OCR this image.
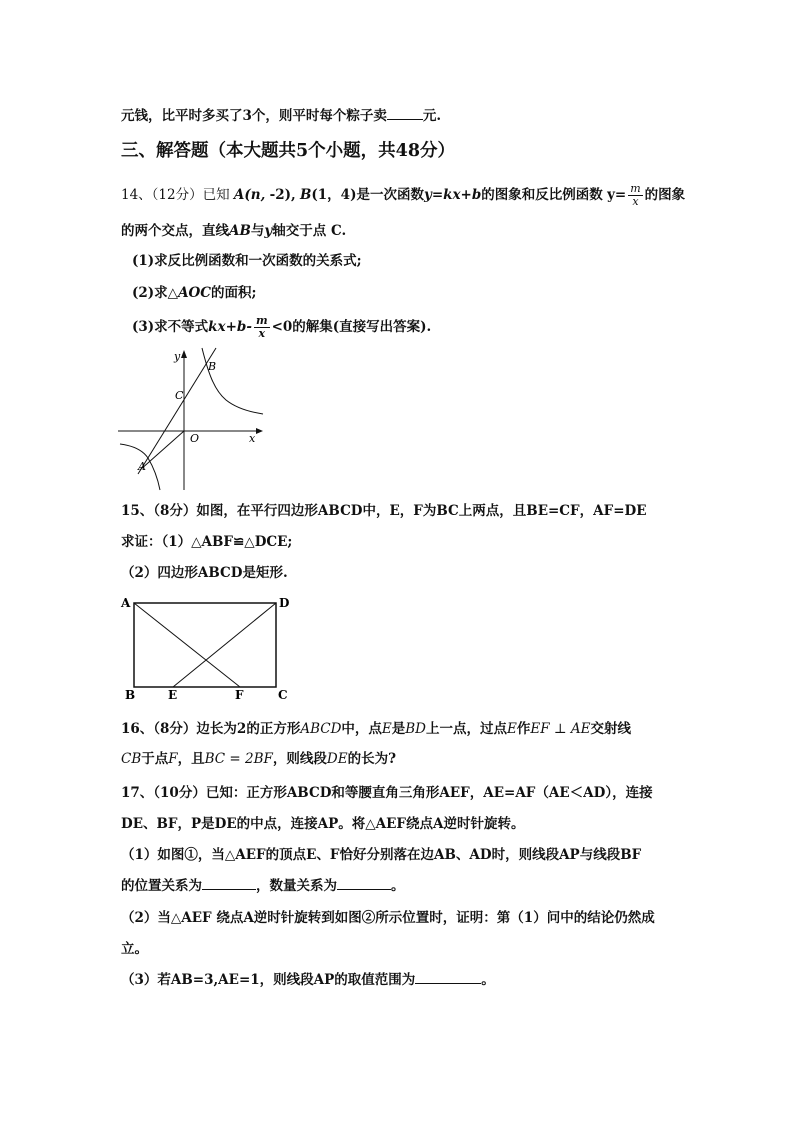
元钱，比平时多买了3个，则平时每个粽子卖	元.
三、解答题（本大题共5个小题，共48分）
14、（12分）已知 A(n, -2), B(1，4)是一次函数y=kx+b的图象和反比例函数 $y= \frac{m}{x}$ 的图象
的两个交点，直线AB与y轴交于点 C.
(1)求反比例函数和一次函数的关系式;
(2)求△AOC的面积;
(3)求不等式$kx+b- \frac{m}{x} <0$的解集(直接写出答案).
y
x
B
C
O
A
15、（8分）如图，在平行四边形ABCD中，E，F为BC上两点，且BE=CF，AF=DE
求证：（1）△ABF≌△DCE;
（2）四边形ABCD是矩形.
A	D
B	E	F	C
16、（8分）边长为2的正方形ABCD中，点E是BD上一点，过点E作EF ⊥ AE交射线
CB于点F，且BC = 2BF，则线段DE的长为?
17、（10分）已知：正方形ABCD和等腰直角三角形AEF，AE=AF（AE＜AD），连接
DE、BF，P是DE的中点，连接AP。将△AEF绕点A逆时针旋转。
（1）如图①，当△AEF的顶点E、F恰好分别落在边AB、AD时，则线段AP与线段BF
的位置关系为	，数量关系为	。
（2）当△AEF 绕点A逆时针旋转到如图②所示位置时，证明：第（1）问中的结论仍然成
立。
（3）若AB=3,AE=1，则线段AP的取值范围为	。
